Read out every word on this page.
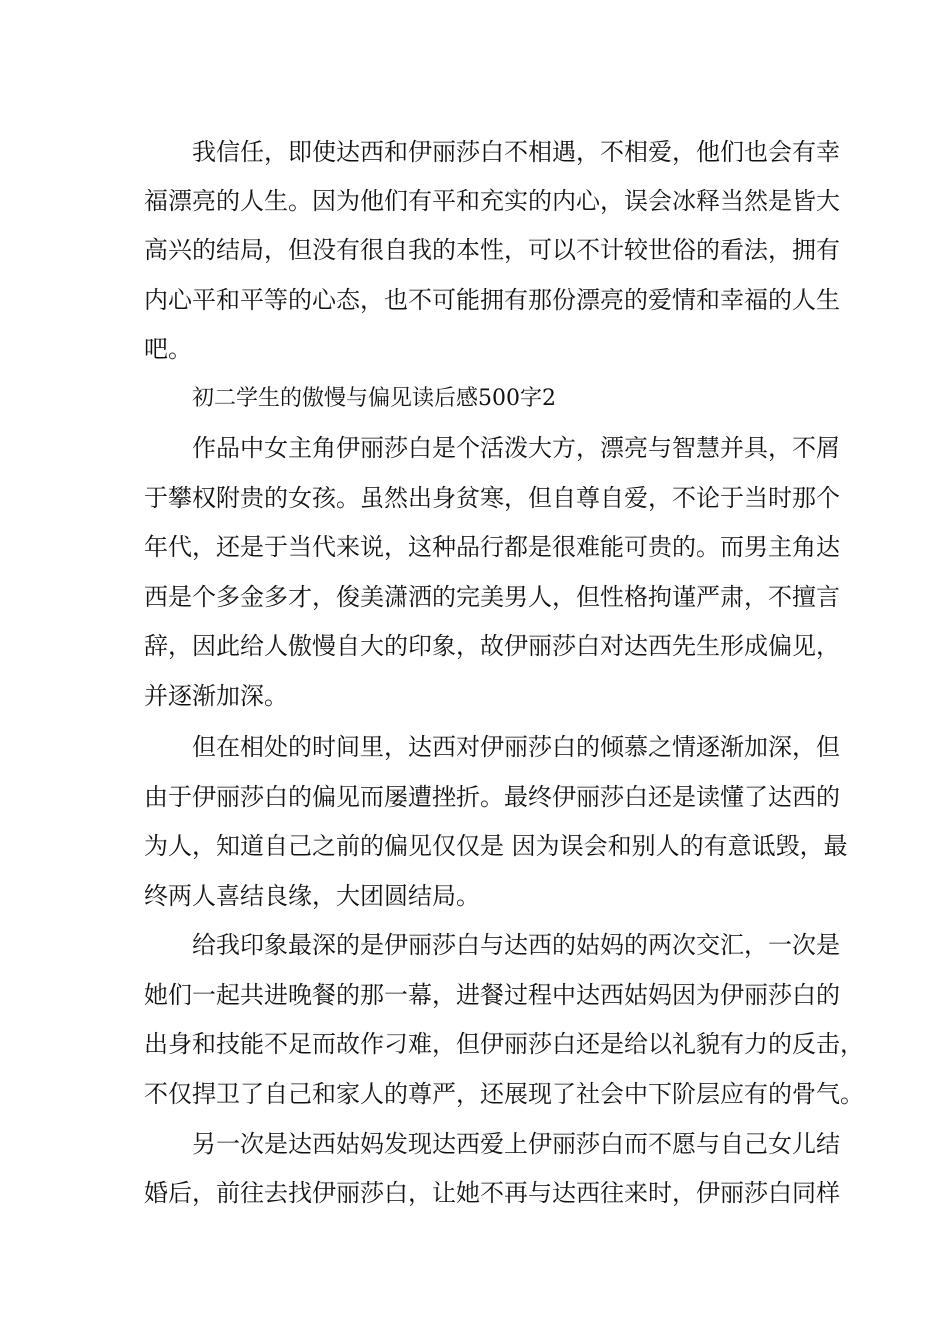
我信任，即使达西和伊丽莎白不相遇，不相爱，他们也会有幸
福漂亮的人生。因为他们有平和充实的内心，误会冰释当然是皆大
高兴的结局，但没有很自我的本性，可以不计较世俗的看法，拥有
内心平和平等的心态，也不可能拥有那份漂亮的爱情和幸福的人生
吧。
初二学生的傲慢与偏见读后感500字2
作品中女主角伊丽莎白是个活泼大方，漂亮与智慧并具，不屑
于攀权附贵的女孩。虽然出身贫寒，但自尊自爱，不论于当时那个
年代，还是于当代来说，这种品行都是很难能可贵的。而男主角达
西是个多金多才，俊美潇洒的完美男人，但性格拘谨严肃，不擅言
辞，因此给人傲慢自大的印象，故伊丽莎白对达西先生形成偏见，
并逐渐加深。
但在相处的时间里，达西对伊丽莎白的倾慕之情逐渐加深，但
由于伊丽莎白的偏见而屡遭挫折。最终伊丽莎白还是读懂了达西的
为人，知道自己之前的偏见仅仅是 因为误会和别人的有意诋毁，最
终两人喜结良缘，大团圆结局。
给我印象最深的是伊丽莎白与达西的姑妈的两次交汇，一次是
她们一起共进晚餐的那一幕，进餐过程中达西姑妈因为伊丽莎白的
出身和技能不足而故作刁难，但伊丽莎白还是给以礼貌有力的反击，
不仅捍卫了自己和家人的尊严，还展现了社会中下阶层应有的骨气。
另一次是达西姑妈发现达西爱上伊丽莎白而不愿与自己女儿结
婚后，前往去找伊丽莎白，让她不再与达西往来时，伊丽莎白同样
